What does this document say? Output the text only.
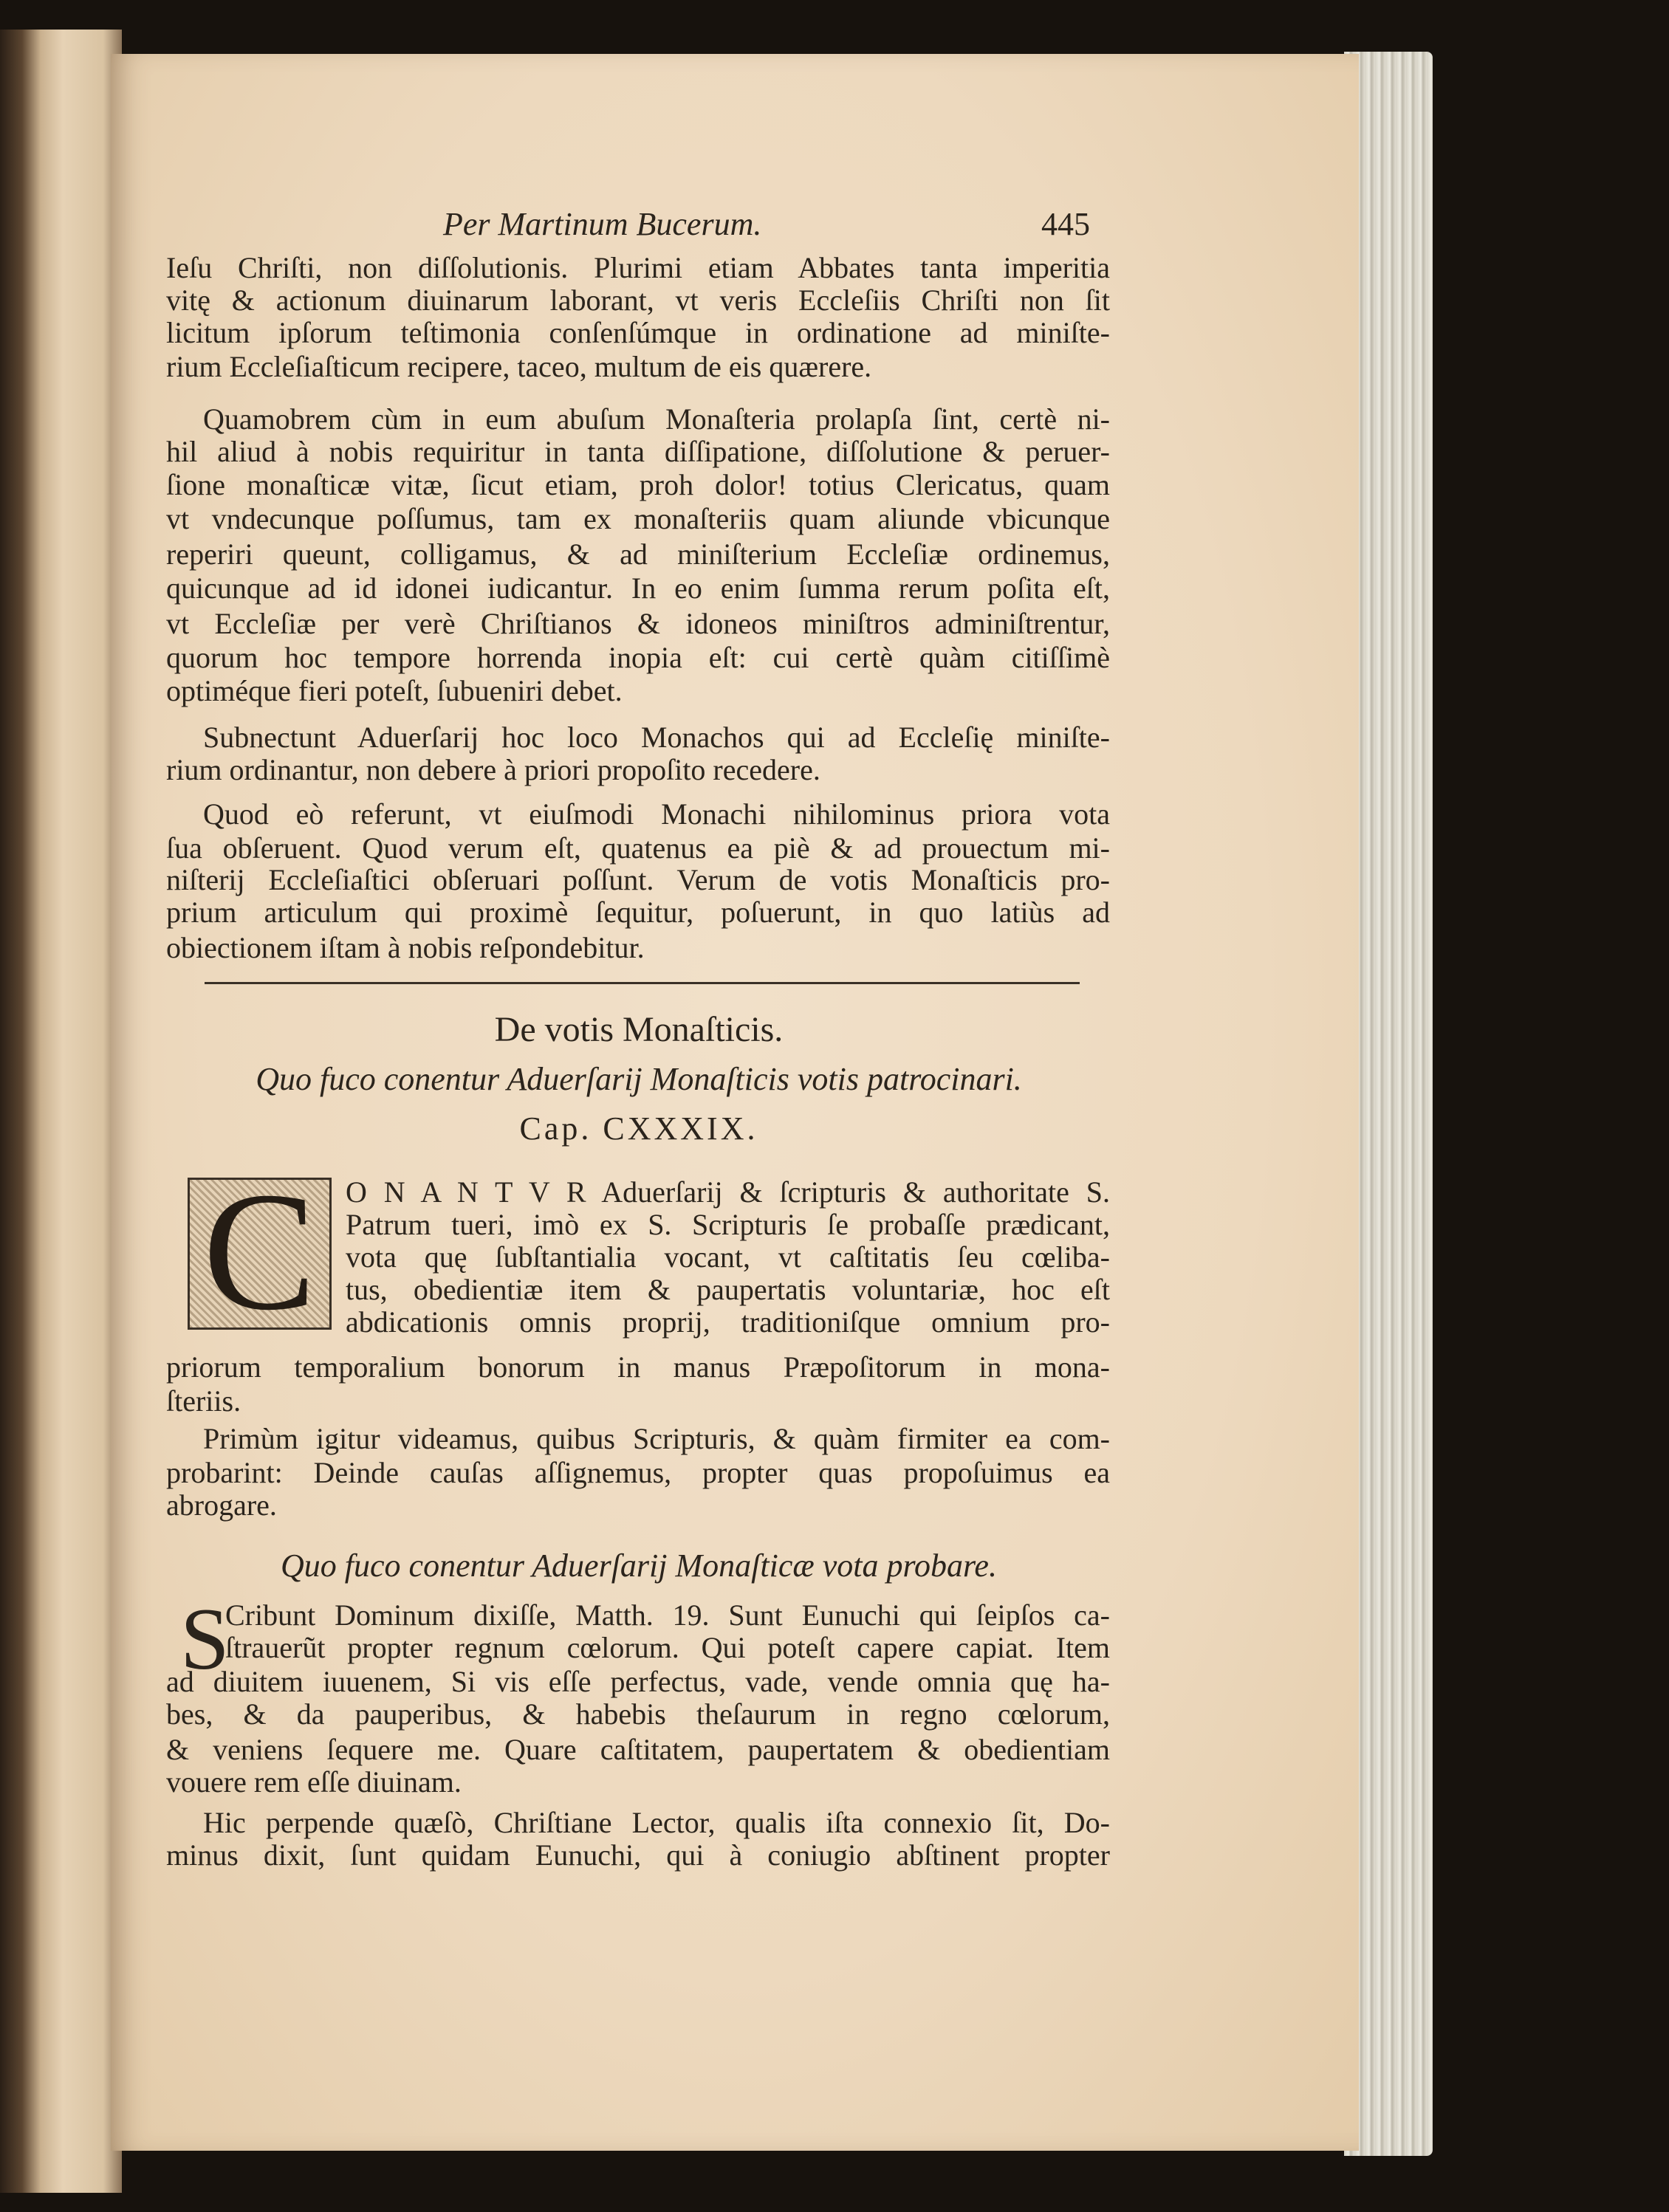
Per Martinum Bucerum.	445
De votis Monaſticis.
Quo fuco conentur Aduerſarij Monaſticis votis patrocinari.
Cap. CXXXIX.
C
Quo fuco conentur Aduerſarij Monaſticæ vota probare.
S
Ieſu Chriſti, non diſſolutionis. Plurimi etiam Abbates tanta imperitia
vitę & actionum diuinarum laborant, vt veris Eccleſiis Chriſti non ſit
licitum ipſorum teſtimonia conſenſúmque in ordinatione ad miniſte-
rium Eccleſiaſticum recipere, taceo, multum de eis quærere.
Quamobrem cùm in eum abuſum Monaſteria prolapſa ſint, certè ni-
hil aliud à nobis requiritur in tanta diſſipatione, diſſolutione & peruer-
ſione monaſticæ vitæ, ſicut etiam, proh dolor! totius Clericatus, quam
vt vndecunque poſſumus, tam ex monaſteriis quam aliunde vbicunque
reperiri queunt, colligamus, & ad miniſterium Eccleſiæ ordinemus,
quicunque ad id idonei iudicantur. In eo enim ſumma rerum poſita eſt,
vt Eccleſiæ per verè Chriſtianos & idoneos miniſtros adminiſtrentur,
quorum hoc tempore horrenda inopia eſt: cui certè quàm citiſſimè
optiméque fieri poteſt, ſubueniri debet.
Subnectunt Aduerſarij hoc loco Monachos qui ad Eccleſię miniſte-
rium ordinantur, non debere à priori propoſito recedere.
Quod eò referunt, vt eiuſmodi Monachi nihilominus priora vota
ſua obſeruent. Quod verum eſt, quatenus ea piè & ad prouectum mi-
niſterij Eccleſiaſtici obſeruari poſſunt. Verum de votis Monaſticis pro-
prium articulum qui proximè ſequitur, poſuerunt, in quo latiùs ad
obiectionem iſtam à nobis reſpondebitur.
O N A N T V R Aduerſarij & ſcripturis & authoritate S.
Patrum tueri, imò ex S. Scripturis ſe probaſſe prædicant,
vota quę ſubſtantialia vocant, vt caſtitatis ſeu cœliba-
tus, obedientiæ item & paupertatis voluntariæ, hoc eſt
abdicationis omnis proprij, traditioniſque omnium pro-
priorum temporalium bonorum in manus Præpoſitorum in mona-
ſteriis.
Primùm igitur videamus, quibus Scripturis, & quàm firmiter ea com-
probarint: Deinde cauſas aſſignemus, propter quas propoſuimus ea
abrogare.
Cribunt Dominum dixiſſe, Matth. 19. Sunt Eunuchi qui ſeipſos ca-
ſtrauerũt propter regnum cœlorum. Qui poteſt capere capiat. Item
ad diuitem iuuenem, Si vis eſſe perfectus, vade, vende omnia quę ha-
bes, & da pauperibus, & habebis theſaurum in regno cœlorum,
& veniens ſequere me. Quare caſtitatem, paupertatem & obedientiam
vouere rem eſſe diuinam.
Hic perpende quæſò, Chriſtiane Lector, qualis iſta connexio ſit, Do-
minus dixit, ſunt quidam Eunuchi, qui à coniugio abſtinent propter
